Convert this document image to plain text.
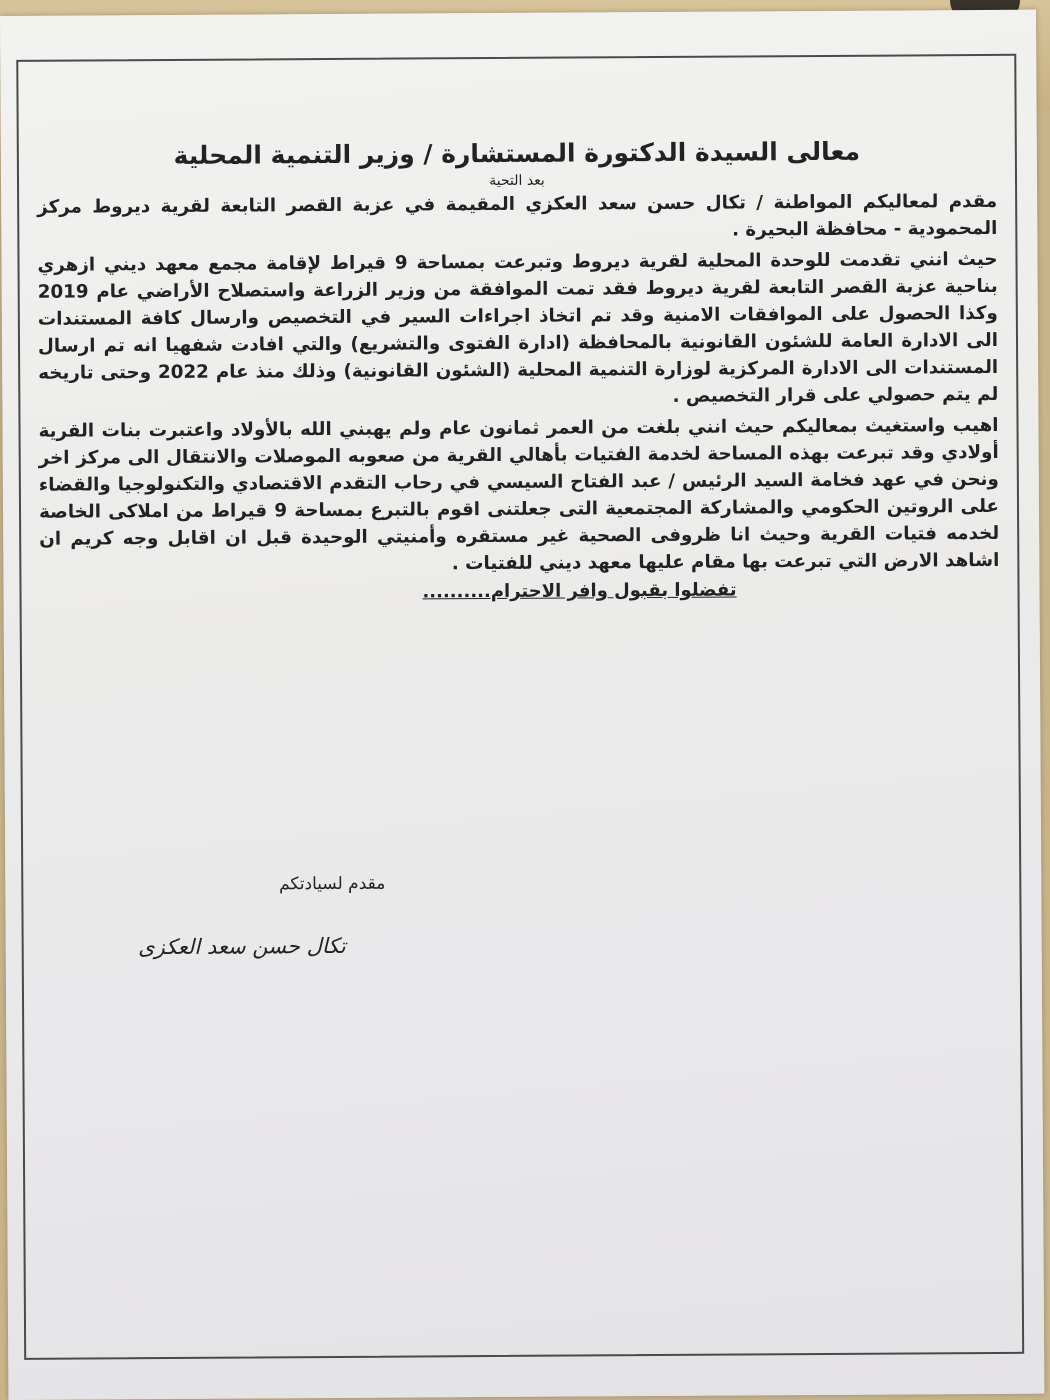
معالى السيدة الدكتورة المستشارة / وزير التنمية المحلية
بعد التحية

مقدم لمعاليكم المواطنة / تكال حسن سعد العكزي المقيمة في عزبة القصر التابعة لقرية ديروط مركز المحمودية - محافظة البحيرة .

حيث انني تقدمت للوحدة المحلية لقرية ديروط وتبرعت بمساحة 9 قيراط لإقامة مجمع معهد ديني ازهري بناحية عزبة القصر التابعة لقرية ديروط فقد تمت الموافقة من وزير الزراعة واستصلاح الأراضي عام 2019 وكذا الحصول على الموافقات الامنية وقد تم اتخاذ اجراءات السير في التخصيص وارسال كافة المستندات الى الادارة العامة للشئون القانونية بالمحافظة (ادارة الفتوى والتشريع) والتي افادت شفهيا انه تم ارسال المستندات الى الادارة المركزية لوزارة التنمية المحلية (الشئون القانونية) وذلك منذ عام 2022 وحتى تاريخه لم يتم حصولي على قرار التخصيص .

اهيب واستغيث بمعاليكم حيث انني بلغت من العمر ثمانون عام ولم يهبني الله بالأولاد واعتبرت بنات القرية أولادي وقد تبرعت بهذه المساحة لخدمة الفتيات بأهالي القرية من صعوبه الموصلات والانتقال الى مركز اخر ونحن في عهد فخامة السيد الرئيس / عبد الفتاح السيسي في رحاب التقدم الاقتصادي والتكنولوجيا والقضاء على الروتين الحكومي والمشاركة المجتمعية التى جعلتنى اقوم بالتبرع بمساحة 9 قيراط من املاكى الخاصة لخدمه فتيات القرية وحيث انا ظروفى الصحية غير مستقره وأمنيتي الوحيدة قبل ان اقابل وجه كريم ان اشاهد الارض التي تبرعت بها مقام عليها معهد ديني للفتيات .

تفضلوا بقبول وافر الاحترام..........
مقدم لسيادتكم
تكال حسن سعد العكزى
